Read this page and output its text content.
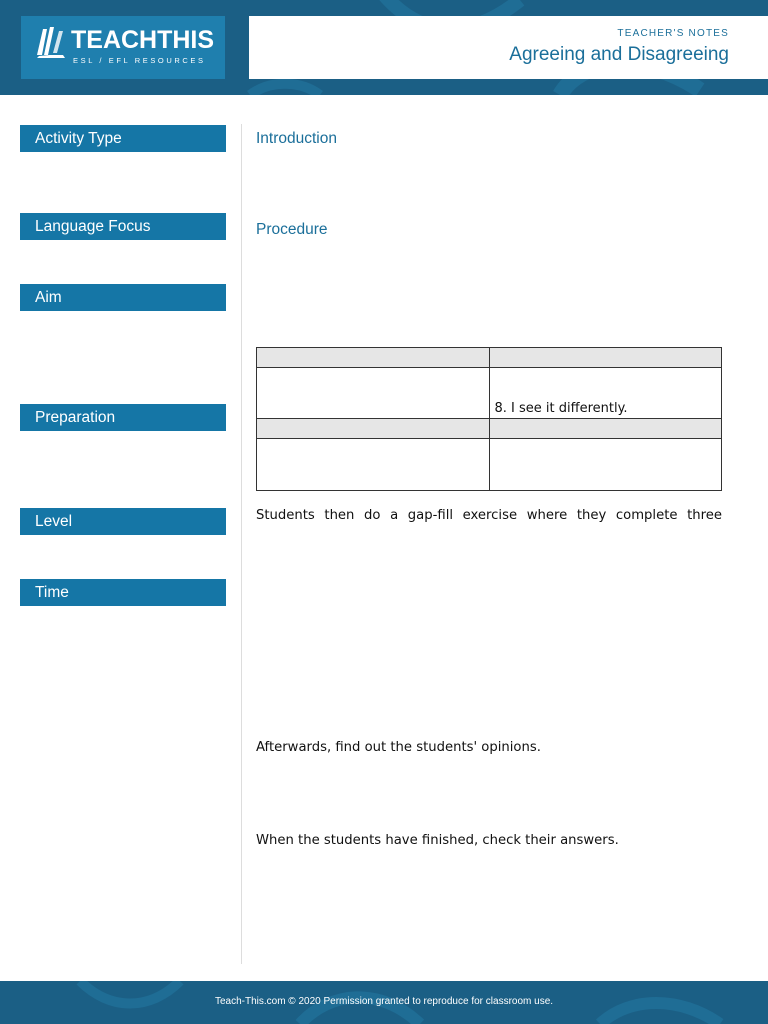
TEACHTHIS
ESL / EFL RESOURCES
TEACHER'S NOTES
Agreeing and Disagreeing
Activity Type
Language Focus
Aim
Preparation
Level
Time
Introduction
Procedure

	8. I see it differently.

Students then do a gap-fill exercise where they complete three
Afterwards, find out the students' opinions.
When the students have finished, check their answers.
Teach-This.com © 2020 Permission granted to reproduce for classroom use.
